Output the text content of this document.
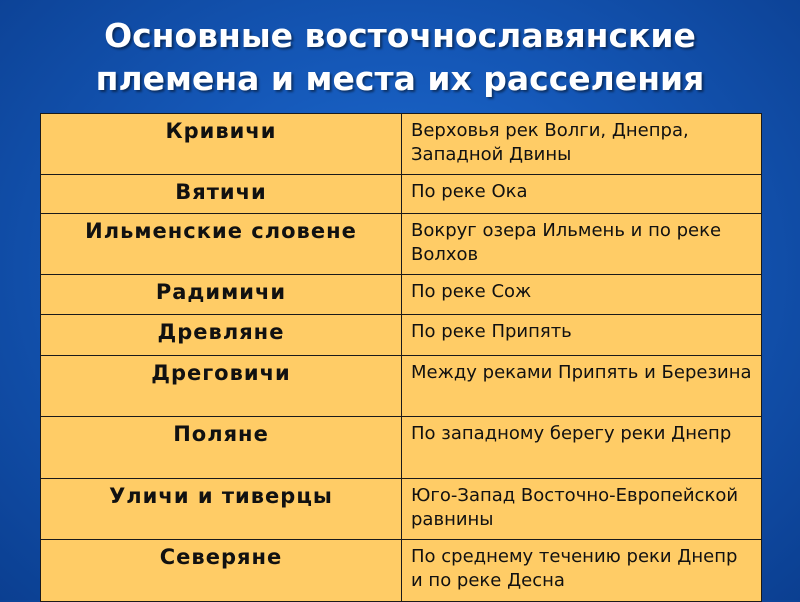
Основные восточнославянские
племена и места их расселения
Кривичи	Верховья рек Волги, Днепра, Западной Двины
Вятичи	По реке Ока
Ильменские словене	Вокруг озера Ильмень и по реке Волхов
Радимичи	По реке Сож
Древляне	По реке Припять
Дреговичи	Между реками Припять и Березина
Поляне	По западному берегу реки Днепр
Уличи и тиверцы	Юго-Запад Восточно-Европейской равнины
Северяне	По среднему течению реки Днепр и по реке Десна
